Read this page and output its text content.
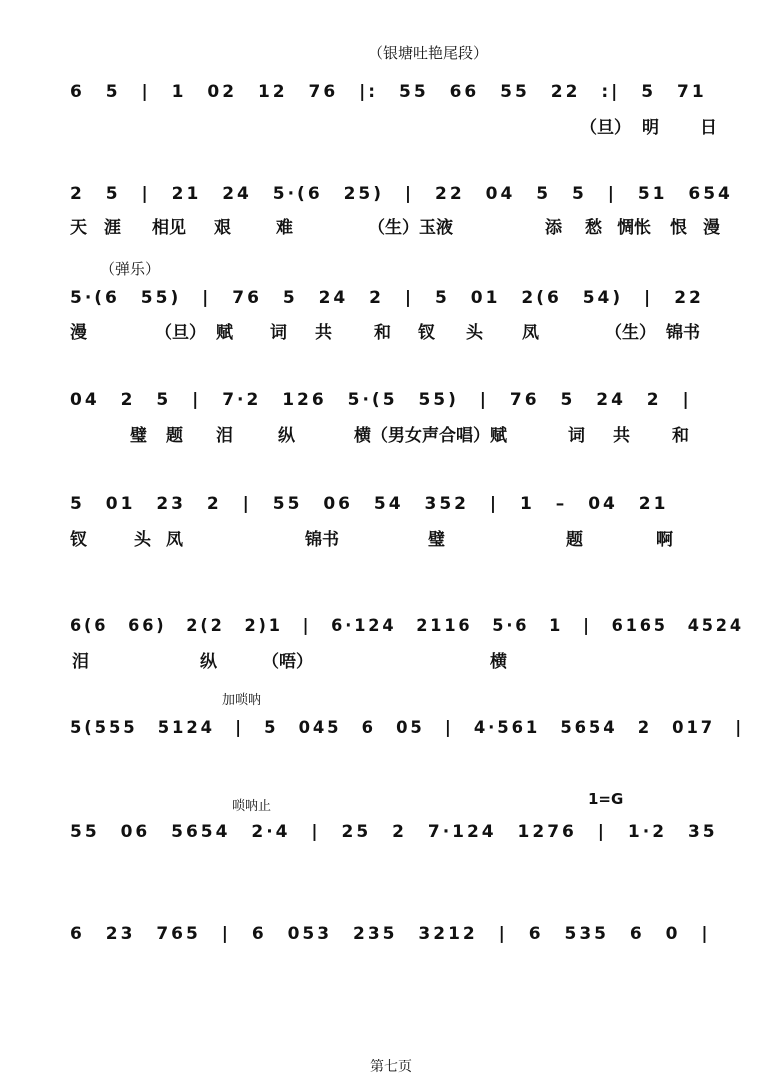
（银塘吐艳尾段）
（弹乐）
加唢呐
唢呐止	1=G
第七页
6 5 | 1 02 12 76 |: 55 66 55 22 :| 5 71
（旦） 明 日
2 5 | 21 24 5·(6 25) | 22 04 5 5 | 51 654
天 涯 相见 艰	难	（生）玉液	添 愁 惆怅 恨 漫
5·(6 55) | 76 5 24 2 | 5 01 2(6 54) | 22
漫	（旦） 赋 词 共 和 钗 头 凤	（生） 锦书
04 2 5 | 7·2 126 5·(5 55) | 76 5 24 2 |
璧 题 泪	纵	横（男女声合唱）赋	词 共 和
5 01 23 2 | 55 06 54 352 | 1 – 04 21
钗	头 凤	锦书	璧	题	啊
6(6 66) 2(2 2)1 | 6·124 2116 5·6 1 | 6165 4524
泪	纵	（唔）	横
5(555 5124 | 5 045 6 05 | 4·561 5654 2 017 |
55 06 5654 2·4 | 25 2 7·124 1276 | 1·2 35
6 23 765 | 6 053 235 3212 | 6 535 6 0 |
